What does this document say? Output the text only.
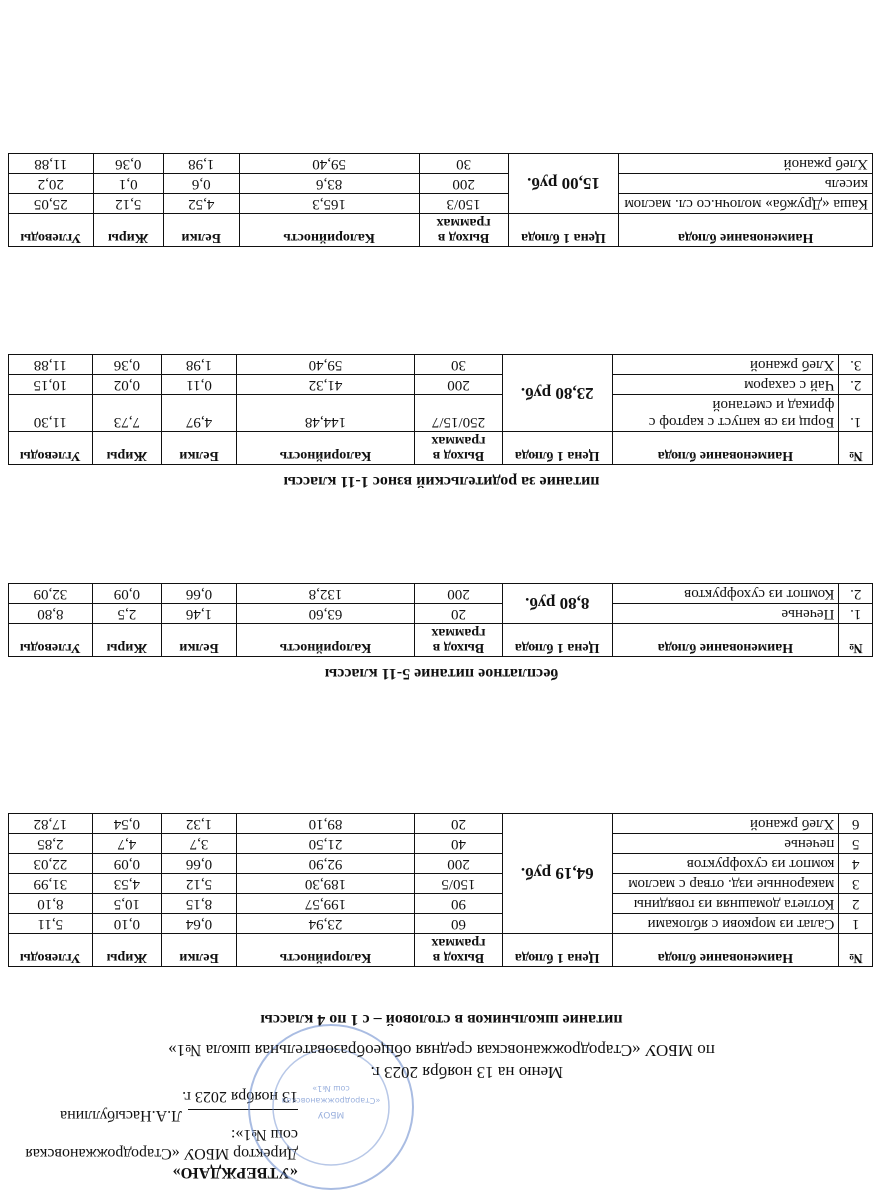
«УТВЕРЖДАЮ»
Директор МБОУ «Стародрожжановская сош №1»:
Л.А.Насыбуллина
13 ноября 2023 г.
МБОУ
«Стародрожжановская
сош №1»
Меню на 13 ноября 2023 г.
по МБОУ «Стародрожжановская средняя общеобразовательная школа №1»
питание школьников в столовой – с 1 по 4 классы
№	Наименование блюда	Цена 1 блюда	Выход в граммах	Калорийность	Белки	Жиры	Углеводы
1	Салат из моркови с яблоками	64,19 руб.	60	23,94	0,64	0,10	5,11
2	Котлета домашняя из говядины		90	199,57	8,15	10,5	8,10
3	макаронные изд. отвар с маслом		150/5	189,30	5,12	4,53	31,99
4	компот из сухофруктов		200	92,90	0,66	0,09	22,03
5	печенье		40	21,50	3,7	4,7	2,85
6	Хлеб ржаной		20	89,10	1,32	0,54	17,82
бесплатное питание 5-11 классы
№	Наименование блюда	Цена 1 блюда	Выход в граммах	Калорийность	Белки	Жиры	Углеводы
1.	Печенье	8,80 руб.	20	63,60	1,46	2,5	8,80
2.	Компот из сухофруктов		200	132,8	0,66	0,09	32,09
питание за родительский взнос 1-11 классы
№	Наименование блюда	Цена 1 блюда	Выход в граммах	Калорийность	Белки	Жиры	Углеводы
1.	Борщ из св капуст с картоф с фрикад и сметаной	23,80 руб.	250/15/7	144,48	4,97	7,73	11,30
2.	Чай с сахаром		200	41,32	0,11	0,02	10,15
3.	Хлеб ржаной		30	59,40	1,98	0,36	11,88
Наименование блюда	Цена 1 блюда	Выход в граммах	Калорийность	Белки	Жиры	Углеводы
Каша «Дружба» молочн.со сл. маслом	15,00 руб.	150/3	165,3	4,52	5,12	25,05
кисель		200	83,6	0,6	0,1	20,2
Хлеб ржаной		30	59,40	1,98	0,36	11,88
